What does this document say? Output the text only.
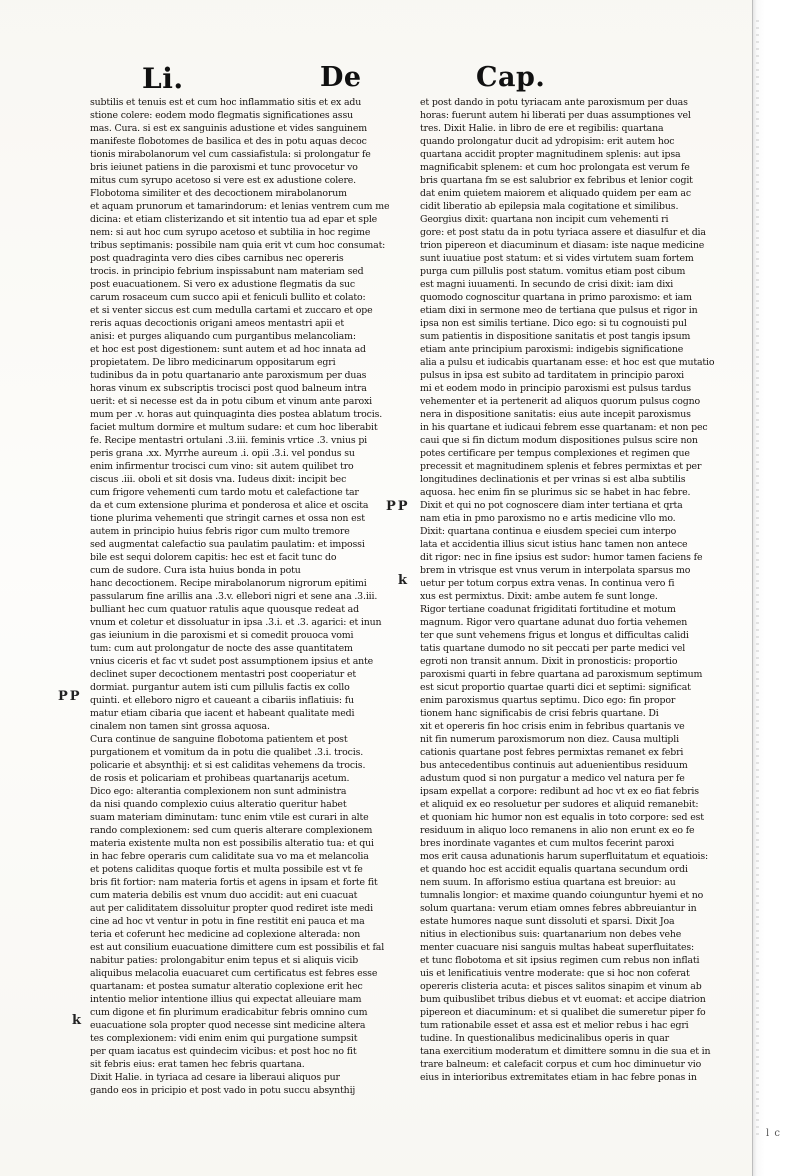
Li.	De	Cap.
PP
k
PP
k
subtilis et tenuis est et cum hoc inflammatio sitis et ex adu
stione colere: eodem modo flegmatis significationes assu
mas. Cura. si est ex sanguinis adustione et vides sanguinem
manifeste flobotomes de basilica et des in potu aquas decoc
tionis mirabolanorum vel cum cassiafistula: si prolongatur fe
bris ieiunet patiens in die paroxismi et tunc provocetur vo
mitus cum syrupo acetoso si vere est ex adustione colere.
Flobotoma similiter et des decoctionem mirabolanorum
et aquam prunorum et tamarindorum: et lenias ventrem cum me
dicina: et etiam clisterizando et sit intentio tua ad epar et sple
nem: si aut hoc cum syrupo acetoso et subtilia in hoc regime
tribus septimanis: possibile nam quia erit vt cum hoc consumat:
post quadraginta vero dies cibes carnibus nec opereris
trocis. in principio febrium inspissabunt nam materiam sed
post euacuationem. Si vero ex adustione flegmatis da suc
carum rosaceum cum succo apii et feniculi bullito et colato:
et si venter siccus est cum medulla cartami et zuccaro et ope
reris aquas decoctionis origani ameos mentastri apii et
anisi: et purges aliquando cum purgantibus melancoliam:
et hoc est post digestionem: sunt autem et ad hoc innata ad
propietatem. De libro medicinarum oppositarum egri
tudinibus da in potu quartanario ante paroxismum per duas
horas vinum ex subscriptis trocisci post quod balneum intra
uerit: et si necesse est da in potu cibum et vinum ante paroxi
mum per .v. horas aut quinquaginta dies postea ablatum trocis.
faciet multum dormire et multum sudare: et cum hoc liberabit
fe. Recipe mentastri ortulani .3.iii. feminis vrtice .3. vnius pi
peris grana .xx. Myrrhe aureum .i. opii .3.i. vel pondus su
enim infirmentur trocisci cum vino: sit autem quilibet tro
ciscus .iii. oboli et sit dosis vna. Iudeus dixit: incipit bec
cum frigore vehementi cum tardo motu et calefactione tar
da et cum extensione plurima et ponderosa et alice et oscita
tione plurima vehementi que stringit carnes et ossa non est
autem in principio huius febris rigor cum multo tremore
sed augmentat calefactio sua paulatim paulatim: et impossi
bile est sequi dolorem capitis: hec est et facit tunc do
cum de sudore. Cura ista huius bonda in potu
hanc decoctionem. Recipe mirabolanorum nigrorum epitimi
passularum fine arillis ana .3.v. ellebori nigri et sene ana .3.iii.
bulliant hec cum quatuor ratulis aque quousque redeat ad
vnum et coletur et dissoluatur in ipsa .3.i. et .3. agarici: et inun
gas ieiunium in die paroxismi et si comedit prouoca vomi
tum: cum aut prolongatur de nocte des asse quantitatem
vnius ciceris et fac vt sudet post assumptionem ipsius et ante
declinet super decoctionem mentastri post cooperiatur et
dormiat. purgantur autem isti cum pillulis factis ex collo
quinti. et elleboro nigro et caueant a cibariis inflatiuis: fu
matur etiam cibaria que iacent et habeant qualitate medi
cinalem non tamen sint grossa aquosa.
Cura continue de sanguine flobotoma patientem et post
purgationem et vomitum da in potu die qualibet .3.i. trocis.
policarie et absynthij: et si est caliditas vehemens da trocis.
de rosis et policariam et prohibeas quartanarijs acetum.
Dico ego: alterantia complexionem non sunt administra
da nisi quando complexio cuius alteratio queritur habet
suam materiam diminutam: tunc enim vtile est curari in alte
rando complexionem: sed cum queris alterare complexionem
materia existente multa non est possibilis alteratio tua: et qui
in hac febre operaris cum caliditate sua vo ma et melancolia
et potens caliditas quoque fortis et multa possibile est vt fe
bris fit fortior: nam materia fortis et agens in ipsam et forte fit
cum materia debilis est vnum duo accidit: aut eni cuacuat
aut per caliditatem dissoluitur propter quod rediret iste medi
cine ad hoc vt ventur in potu in fine restitit eni pauca et ma
teria et coferunt hec medicine ad coplexione alterada: non
est aut consilium euacuatione dimittere cum est possibilis et fal
nabitur paties: prolongabitur enim tepus et si aliquis vicib
aliquibus melacolia euacuaret cum certificatus est febres esse
quartanam: et postea sumatur alteratio coplexione erit hec
intentio melior intentione illius qui expectat alleuiare mam
cum digone et fin plurimum eradicabitur febris omnino cum
euacuatione sola propter quod necesse sint medicine altera
tes complexionem: vidi enim enim qui purgatione sumpsit
per quam iacatus est quindecim vicibus: et post hoc no fit
sit febris eius: erat tamen hec febris quartana.
Dixit Halie. in tyriaca ad cesare ia liberaui aliquos pur
gando eos in pricipio et post vado in potu succu absynthij
et post dando in potu tyriacam ante paroxismum per duas
horas: fuerunt autem hi liberati per duas assumptiones vel
tres. Dixit Halie. in libro de ere et regibilis: quartana
quando prolongatur ducit ad ydropisim: erit autem hoc
quartana accidit propter magnitudinem splenis: aut ipsa
magnificabit splenem: et cum hoc prolongata est verum fe
bris quartana fm se est salubrior ex febribus et lenior cogit
dat enim quietem maiorem et aliquado quidem per eam ac
cidit liberatio ab epilepsia mala cogitatione et similibus.
Georgius dixit: quartana non incipit cum vehementi ri
gore: et post statu da in potu tyriaca assere et diasulfur et dia
trion pipereon et diacuminum et diasam: iste naque medicine
sunt iuuatiue post statum: et si vides virtutem suam fortem
purga cum pillulis post statum. vomitus etiam post cibum
est magni iuuamenti. In secundo de crisi dixit: iam dixi
quomodo cognoscitur quartana in primo paroxismo: et iam
etiam dixi in sermone meo de tertiana que pulsus et rigor in
ipsa non est similis tertiane. Dico ego: si tu cognouisti pul
sum patientis in dispositione sanitatis et post tangis ipsum
etiam ante principium paroxismi: indigebis significatione
alia a pulsu et iudicabis quartanam esse: et hoc est que mutatio
pulsus in ipsa est subito ad tarditatem in principio paroxi
mi et eodem modo in principio paroxismi est pulsus tardus
vehementer et ia pertenerit ad aliquos quorum pulsus cogno
nera in dispositione sanitatis: eius aute incepit paroxismus
in his quartane et iudicaui febrem esse quartanam: et non pec
caui que si fin dictum modum dispositiones pulsus scire non
potes certificare per tempus complexiones et regimen que
precessit et magnitudinem splenis et febres permixtas et per
longitudines declinationis et per vrinas si est alba subtilis
aquosa. hec enim fin se plurimus sic se habet in hac febre.
Dixit et qui no pot cognoscere diam inter tertiana et qrta
nam etia in pmo paroxismo no e artis medicine vllo mo.
Dixit: quartana continua e eiusdem speciei cum interpo
lata et accidentia illius sicut istius hanc tamen non antece
dit rigor: nec in fine ipsius est sudor: humor tamen faciens fe
brem in vtrisque est vnus verum in interpolata sparsus mo
uetur per totum corpus extra venas. In continua vero fi
xus est permixtus. Dixit: ambe autem fe sunt longe.
Rigor tertiane coadunat frigiditati fortitudine et motum
magnum. Rigor vero quartane adunat duo fortia vehemen
ter que sunt vehemens frigus et longus et difficultas calidi
tatis quartane dumodo no sit peccati per parte medici vel
egroti non transit annum. Dixit in pronosticis: proportio
paroxismi quarti in febre quartana ad paroxismum septimum
est sicut proportio quartae quarti dici et septimi: significat
enim paroxismus quartus septimu. Dico ego: fin propor
tionem hanc significabis de crisi febris quartane. Di
xit et opereris fin hoc crisis enim in febribus quartanis ve
nit fin numerum paroxismorum non diez. Causa multipli
cationis quartane post febres permixtas remanet ex febri
bus antecedentibus continuis aut aduenientibus residuum
adustum quod si non purgatur a medico vel natura per fe
ipsam expellat a corpore: redibunt ad hoc vt ex eo fiat febris
et aliquid ex eo resoluetur per sudores et aliquid remanebit:
et quoniam hic humor non est equalis in toto corpore: sed est
residuum in aliquo loco remanens in alio non erunt ex eo fe
bres inordinate vagantes et cum multos fecerint paroxi
mos erit causa adunationis harum superfluitatum et equatiois:
et quando hoc est accidit equalis quartana secundum ordi
nem suum. In afforismo estiua quartana est breuior: au
tumnalis longior: et maxime quando coiunguntur hyemi et no
solum quartana: verum etiam omnes febres abbreuiantur in
estate humores naque sunt dissoluti et sparsi. Dixit Joa
nitius in electionibus suis: quartanarium non debes vehe
menter cuacuare nisi sanguis multas habeat superfluitates:
et tunc flobotoma et sit ipsius regimen cum rebus non inflati
uis et lenificatiuis ventre moderate: que si hoc non coferat
opereris clisteria acuta: et pisces salitos sinapim et vinum ab
bum quibuslibet tribus diebus et vt euomat: et accipe diatrion
pipereon et diacuminum: et si qualibet die sumeretur piper fo
tum rationabile esset et assa est et melior rebus i hac egri
tudine. In questionalibus medicinalibus operis in quar
tana exercitium moderatum et dimittere somnu in die sua et in
trare balneum: et calefacit corpus et cum hoc diminuetur vio
eius in interioribus extremitates etiam in hac febre ponas in
l c
